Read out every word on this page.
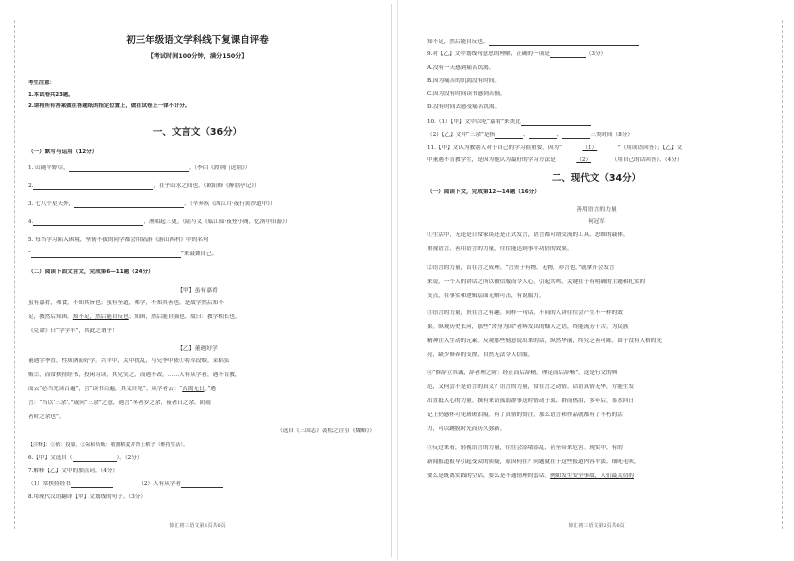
初三年级语文学科线下复课自评卷
【考试时间100分钟，满分150分】
考生注意：
1.本试卷共23题。
2.请将所有答案做在答题纸的指定位置上，做在试卷上一律不计分。
一、文言文（36分）
（一）默写与运用（12分）
1. 山随平野尽，	。（李白《渡荆门送别》）
2.	，在乎山水之间也。（欧阳修《醉翁亭记》）
3. 七八个星天外，	。（辛弃疾《西江月·夜行黄沙道中》）
4.	，渔唱起三更。（陆与义《临江仙·夜登小阁，忆洛中旧游》）
5. 每当学习陷入困境，坚韧不拔的同学都会用陆游《游山西村》中的名句
“	”来鼓舞自己。
（二）阅读下面文言文，完成第6—11题（24分）
【甲】虽有嘉肴
虽有嘉肴，弗食，不知其旨也；虽有至道，弗学，不知其善也。是故学然后知不
足，教然后知困。知不足，然后能自反也；知困，然后能自强也。故曰：教学相长也。
《兑命》曰“学学半”，其此之谓乎！
【乙】董遇好学
董遇字季直，性质讷而好学。兴平中，关中扰乱，与兄季中依①将军段煨。采稆负
贩②，而常挟持经书，投闲习读，其兄笑之，而遇不改。……人有从学者，遇不肯教，
而云“必当先读百遍”，言“读书百遍，其义自见”。从学者云：“苦渴无日。”遇
言：“当以‘三余’。”或问“三余”之意，遇言“冬者岁之余，夜者日之余，阴雨
者时之余也”。
（选自《三国志》裴松之注引《魏略》）
【注释】：①依：投靠。②采稆负贩：收割稻麦并背上稻子（维持生活）。
6.【甲】文选自（	）。（2分）
7.解释【乙】文中的加点词。（4分）
（1）常挟持经书	（2）人有从学者
8.用现代汉语翻译【甲】文划线的句子。（3分）
徐汇初三语文第1页共6页
知不足，然后能自反也。
9.对【乙】文中划线句意思的理解，正确的一项是	（3分）
A.没有一天感到痛苦饥渴。
B.因为痛苦的饥渴没有时间。
C.因为没有时间读书感到苦恼。
D.没有时间去感受痛苦饥渴。
10.（1）【甲】文中以吃“嘉肴”来类比
（2）【乙】文中“三余”是指	、	、	三类时间（8分）
11.【甲】文认为教别人对于自己的学习很重要，因为“	（1）	”（用成语回答）；【乙】文
中董遇不肯教学生，是因为他认为最好的学习方法是	（2）	（用自己的话回答）。（4分）
二、现代文（34分）
（一）阅读下文，完成第12—14题（16分）
善用语言的力量
何冠军
①生活中，无论是日常家谈还是正式发言，语言都可谓交流的工具、思维的载体。
重视语言、善用语言的力量，往往能达到事半功倍的效果。
②语言的力量，首在言之成理。“言贵于有物，无物，亦言也。”就拿开会发言
来说，一个人的讲话之所以被信服而令人心，引起共鸣，关键在于有明确的主题和扎实的
支点，在事实和逻辑层面无解可击，有说服力。
③语言的力量，贵在言之有趣。同样一句话，不同的人讲往往会产生不一样的效
果。纵观历史长河，那些“舍身为国”者辉发出的慷人之语，终能流芳千古，为民族
精神注入生动的元素。反观那些刻意说出来的话，纵然华丽，终究乏善可陈。由于没有人格的光
亮，缺少修养的支撑，自然无法令人信服。
④“修辞立其诚，辞者理之阶：经正而后辞精，理足而后辞畅”。这是行文的典
范，又何尝不是语言的真义？语言的力量，常在言之动情。话语真情无华，方能生发
出直抵人心的力量。撰有来访孤弱群事送时情动于衷、群而热泪，多年后，茶水回日
记上仍感怀可见斑斑泪痕。有了真情的赞注，那么语言和作品就都有了不朽的活
力，可以跳脱时光而历久弥新。
⑤反过来看，轻视语言的力量，往往会添堵添乱，甚至带来危害。现实中，有的
新闻报道报导引起受众的质疑，原因何在？问题就在于这些报道内容平淡、细吒毛吠，
要么是既离实践的空话，要么是不通情理的套话。例如发生安全事故，人们最关切的
徐汇初三语文第2页共6页
